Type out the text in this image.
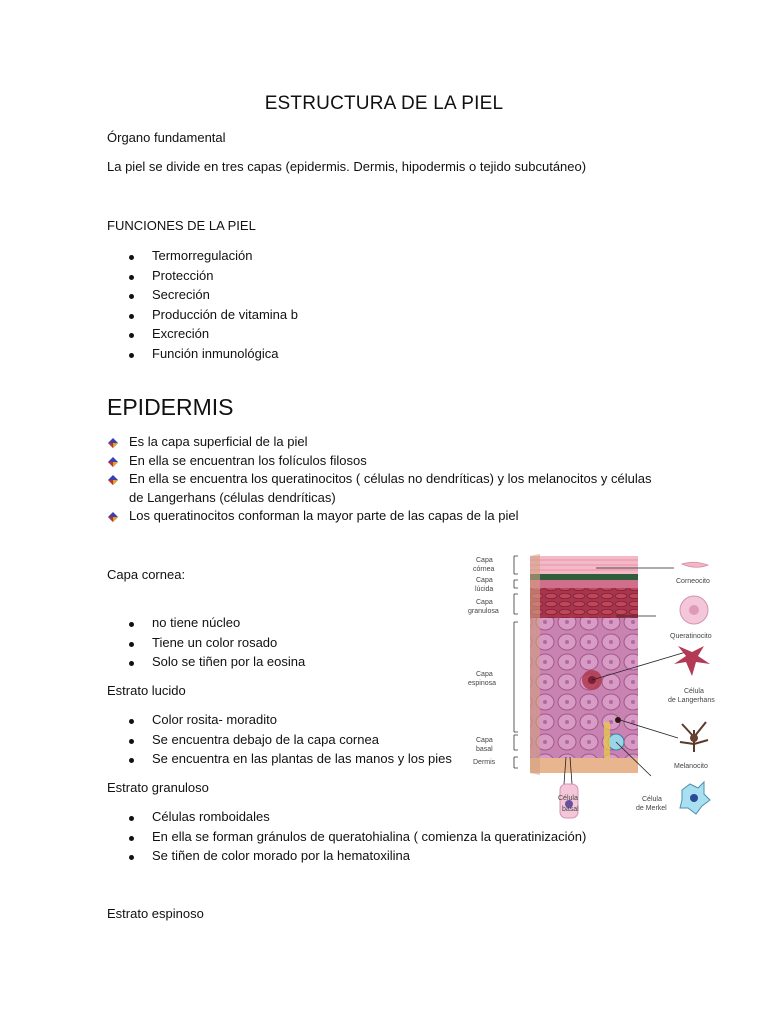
ESTRUCTURA DE LA PIEL
Órgano fundamental
La piel se divide en tres capas (epidermis. Dermis, hipodermis o tejido subcutáneo)
FUNCIONES DE LA PIEL
Termorregulación
Protección
Secreción
Producción de vitamina b
Excreción
Función inmunológica
EPIDERMIS
Es la capa superficial de la piel
En ella se encuentran los folículos filosos
En ella se encuentra los queratinocitos ( células no dendríticas) y los melanocitos y células de Langerhans (células dendríticas)
Los queratinocitos conforman la mayor parte de las capas de la piel
Capa cornea:
no tiene núcleo
Tiene un color rosado
Solo se tiñen por la eosina
Estrato lucido
Color rosita- moradito
Se encuentra debajo de la capa cornea
Se encuentra en las plantas de las manos y los pies
Estrato granuloso
Células romboidales
En ella se forman gránulos de queratohialina ( comienza la queratinización)
Se tiñen de color morado por la hematoxilina
Estrato espinoso
Capa
córnea
Capa
lúcida
Capa
granulosa
Capa
espinosa
Capa
basal
Dermis
Corneocito
Queratinocito
Célula
de Langerhans
Melanocito
Célula
basal
Célula
de Merkel
